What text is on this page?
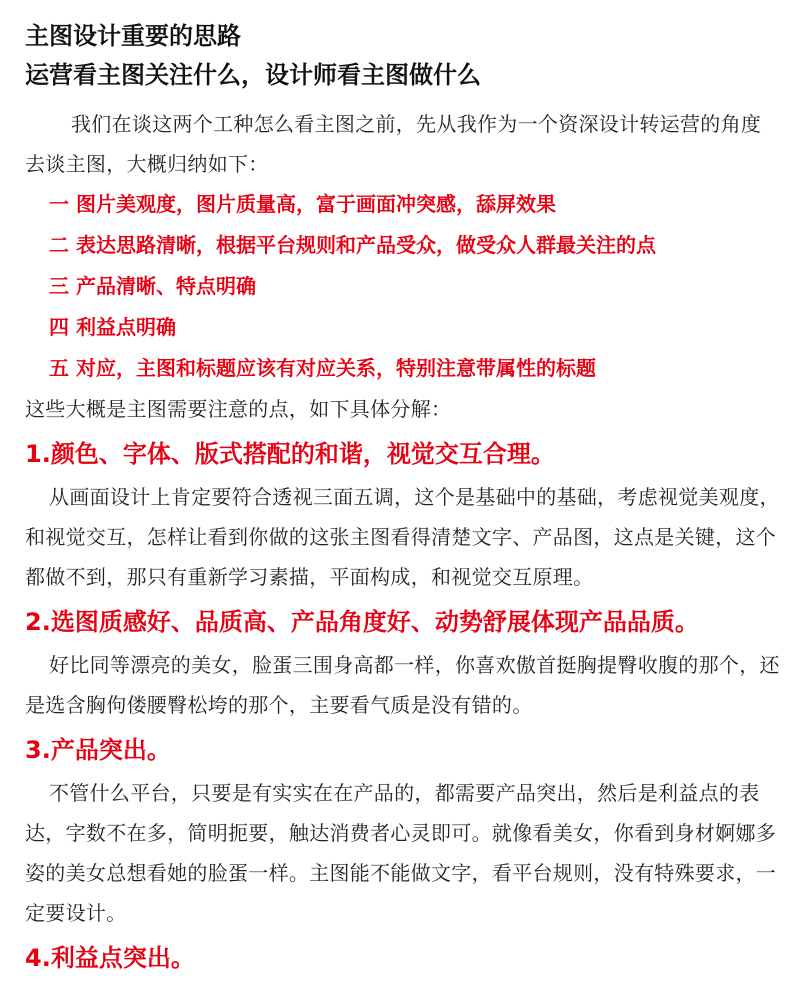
主图设计重要的思路
运营看主图关注什么，设计师看主图做什么

我们在谈这两个工种怎么看主图之前，先从我作为一个资深设计转运营的角度去谈主图，大概归纳如下：

一 图片美观度，图片质量高，富于画面冲突感，舔屏效果
二 表达思路清晰，根据平台规则和产品受众，做受众人群最关注的点
三 产品清晰、特点明确
四 利益点明确
五 对应，主图和标题应该有对应关系，特别注意带属性的标题

这些大概是主图需要注意的点，如下具体分解：

1.颜色、字体、版式搭配的和谐，视觉交互合理。

从画面设计上肯定要符合透视三面五调，这个是基础中的基础，考虑视觉美观度，和视觉交互，怎样让看到你做的这张主图看得清楚文字、产品图，这点是关键，这个都做不到，那只有重新学习素描，平面构成，和视觉交互原理。

2.选图质感好、品质高、产品角度好、动势舒展体现产品品质。

好比同等漂亮的美女，脸蛋三围身高都一样，你喜欢傲首挺胸提臀收腹的那个，还是选含胸佝偻腰臀松垮的那个，主要看气质是没有错的。

3.产品突出。

不管什么平台，只要是有实实在在产品的，都需要产品突出，然后是利益点的表达，字数不在多，简明扼要，触达消费者心灵即可。就像看美女，你看到身材婀娜多姿的美女总想看她的脸蛋一样。主图能不能做文字，看平台规则，没有特殊要求，一定要设计。

4.利益点突出。
